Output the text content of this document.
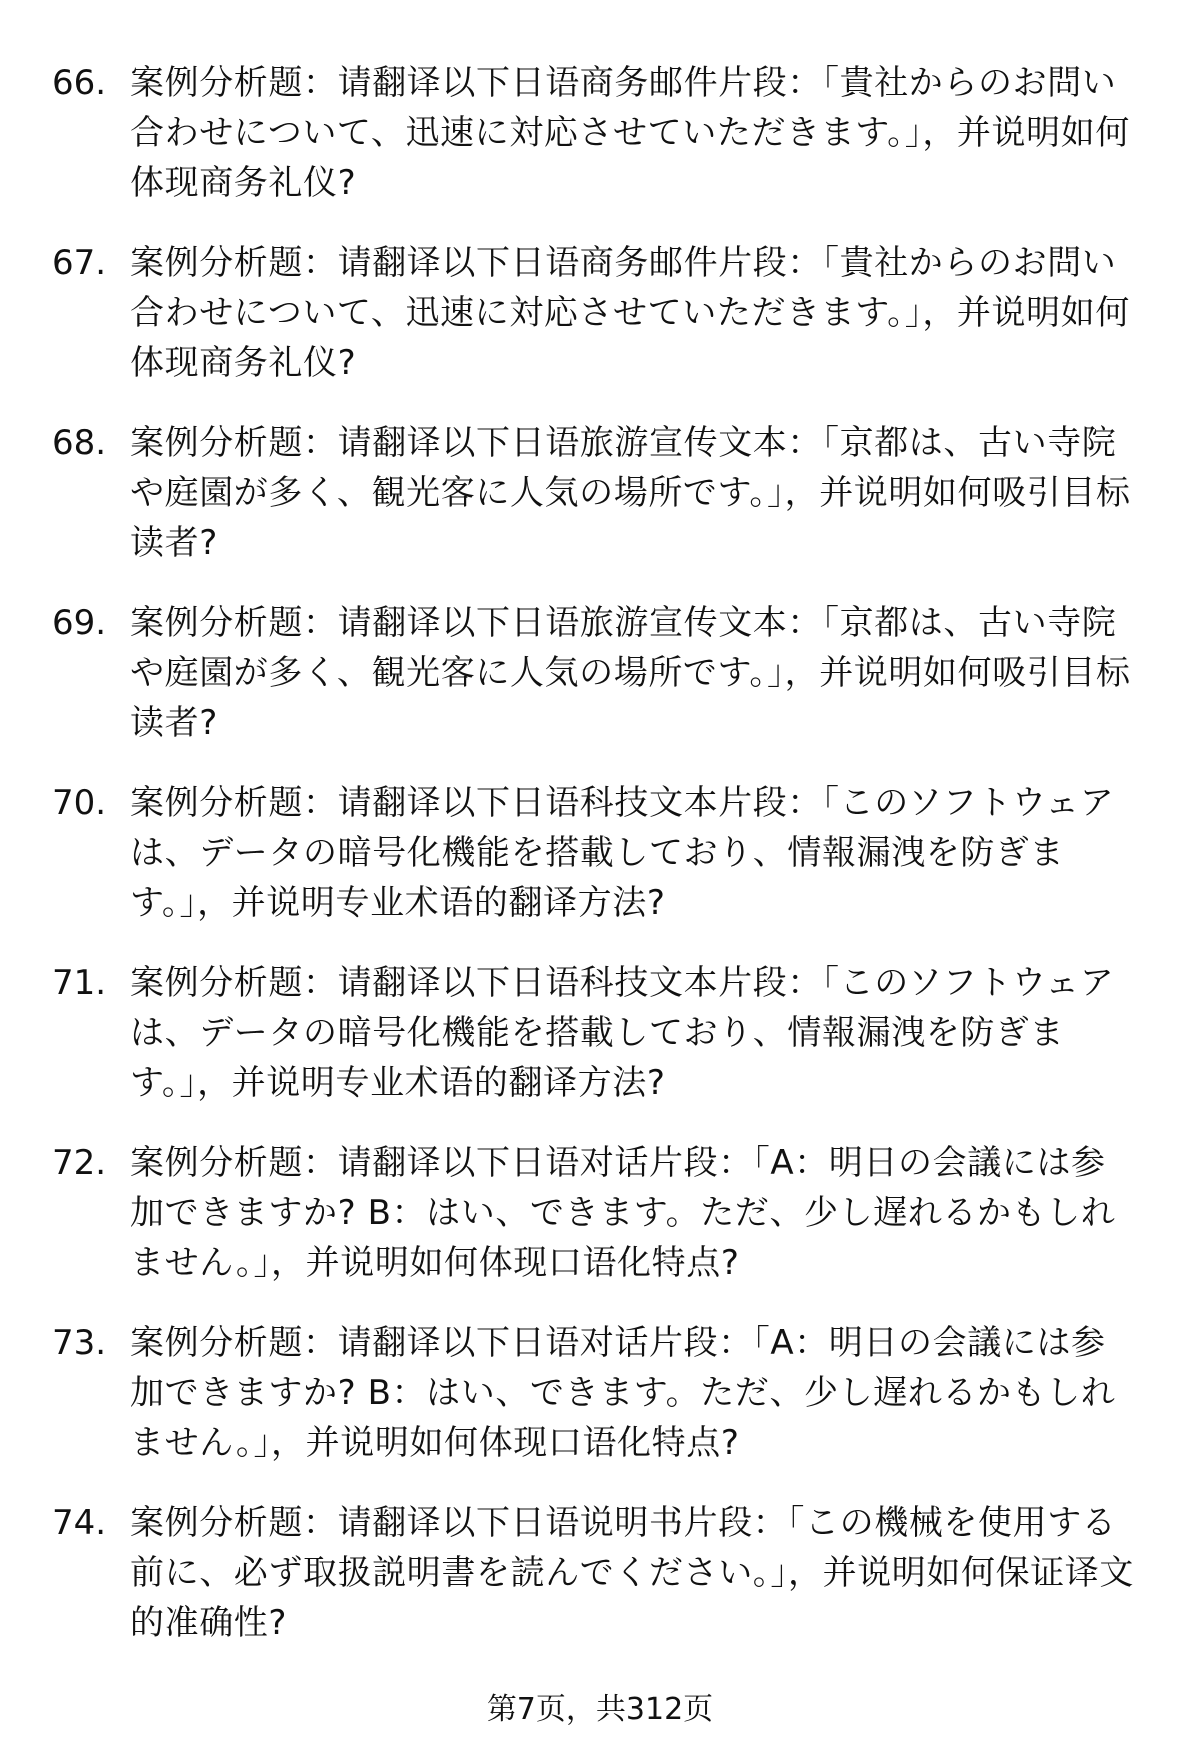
66. 案例分析题：请翻译以下日语商务邮件片段：「貴社からのお問い合わせについて、迅速に対応させていただきます。」，并说明如何体现商务礼仪?
67. 案例分析题：请翻译以下日语商务邮件片段：「貴社からのお問い合わせについて、迅速に対応させていただきます。」，并说明如何体现商务礼仪?
68. 案例分析题：请翻译以下日语旅游宣传文本：「京都は、古い寺院や庭園が多く、観光客に人気の場所です。」，并说明如何吸引目标读者?
69. 案例分析题：请翻译以下日语旅游宣传文本：「京都は、古い寺院や庭園が多く、観光客に人気の場所です。」，并说明如何吸引目标读者?
70. 案例分析题：请翻译以下日语科技文本片段：「このソフトウェアは、データの暗号化機能を搭載しており、情報漏洩を防ぎます。」，并说明专业术语的翻译方法?
71. 案例分析题：请翻译以下日语科技文本片段：「このソフトウェアは、データの暗号化機能を搭載しており、情報漏洩を防ぎます。」，并说明专业术语的翻译方法?
72. 案例分析题：请翻译以下日语对话片段：「A：明日の会議には参加できますか? B：はい、できます。ただ、少し遅れるかもしれません。」，并说明如何体现口语化特点?
73. 案例分析题：请翻译以下日语对话片段：「A：明日の会議には参加できますか? B：はい、できます。ただ、少し遅れるかもしれません。」，并说明如何体现口语化特点?
74. 案例分析题：请翻译以下日语说明书片段：「この機械を使用する前に、必ず取扱説明書を読んでください。」，并说明如何保证译文的准确性?
第7页，共312页
